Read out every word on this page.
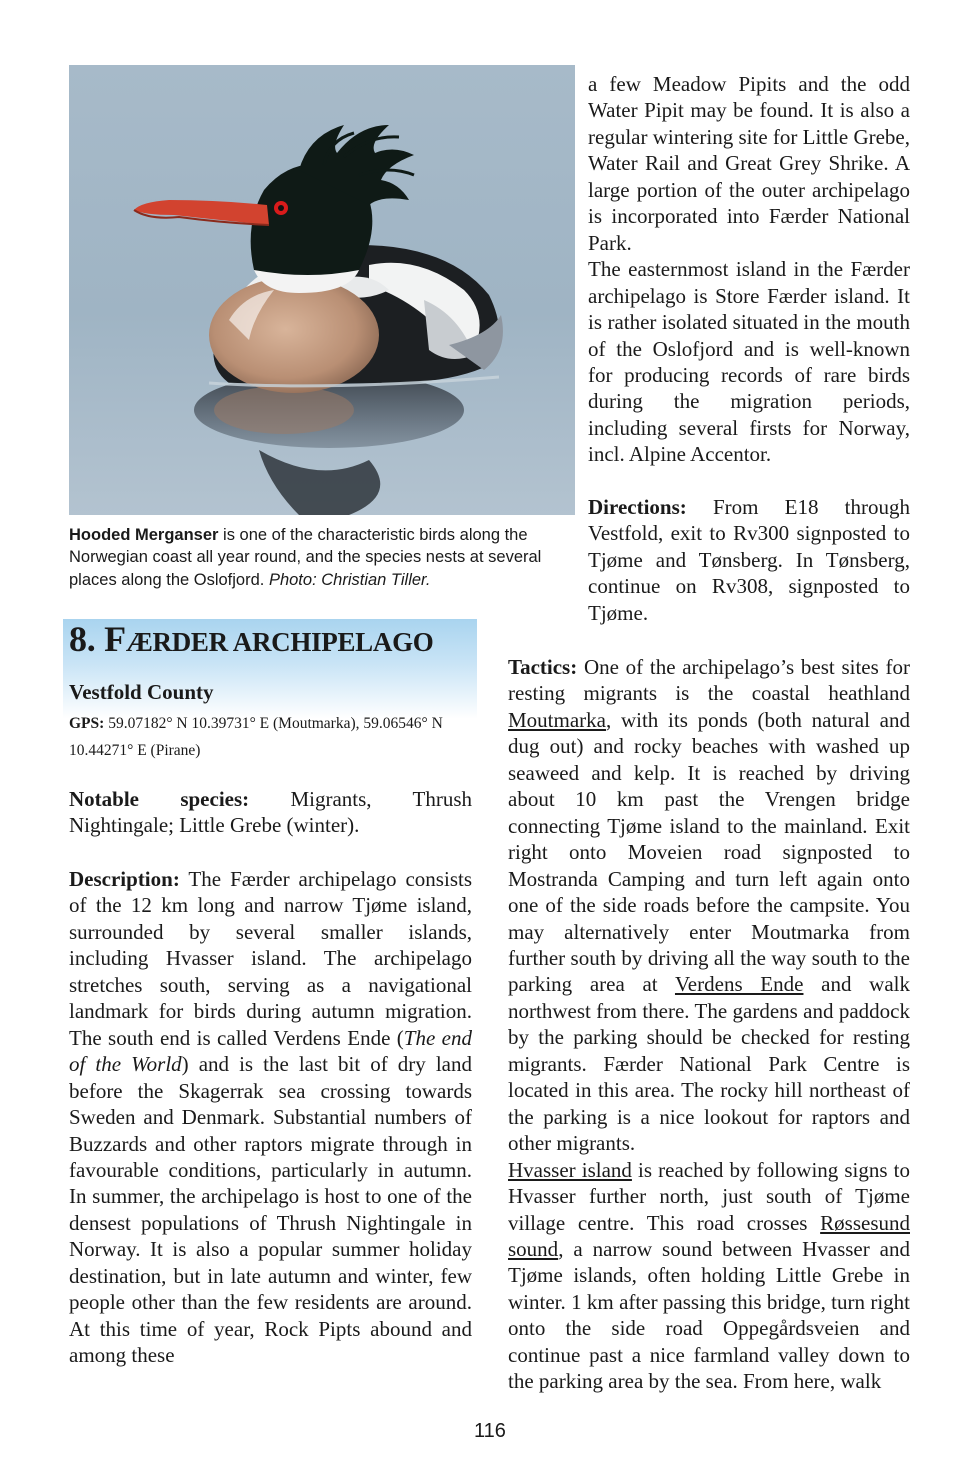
Hooded Merganser is one of the characteristic birds along the Norwegian coast all year round, and the species nests at several places along the Oslofjord. Photo: Christian Tiller.

a few Meadow Pipits and the odd Water Pipit may be found. It is also a regular wintering site for Little Grebe, Water Rail and Great Grey Shrike. A large portion of the outer archipelago is incorporated into Færder National Park.

The easternmost island in the Færder archipelago is Store Færder island. It is rather isolated situated in the mouth of the Oslofjord and is well-known for producing records of rare birds during the migration periods, including several firsts for Norway, incl. Alpine Accentor.

Directions: From E18 through Vestfold, exit to Rv300 signposted to Tjøme and Tønsberg. In Tønsberg, continue on Rv308, signposted to Tjøme.

8. FÆRDER ARCHIPELAGO
Vestfold County
GPS: 59.07182° N 10.39731° E (Moutmarka), 59.06546° N 10.44271° E (Pirane)

Notable species: Migrants, Thrush Nightingale; Little Grebe (winter).

Description: The Færder archipelago consists of the 12 km long and narrow Tjøme island, surrounded by several smaller islands, including Hvasser island. The archipelago stretches south, serving as a navigational landmark for birds during autumn migration. The south end is called Verdens Ende (The end of the World) and is the last bit of dry land before the Skagerrak sea crossing towards Sweden and Denmark. Substantial numbers of Buzzards and other raptors migrate through in favourable conditions, particularly in autumn. In summer, the archipelago is host to one of the densest populations of Thrush Nightingale in Norway. It is also a popular summer holiday destination, but in late autumn and winter, few people other than the few residents are around. At this time of year, Rock Pipts abound and among these

Tactics: One of the archipelago’s best sites for resting migrants is the coastal heathland Moutmarka, with its ponds (both natural and dug out) and rocky beaches with washed up seaweed and kelp. It is reached by driving about 10 km past the Vrengen bridge connecting Tjøme island to the mainland. Exit right onto Moveien road signposted to Mostranda Camping and turn left again onto one of the side roads before the campsite. You may alternatively enter Moutmarka from further south by driving all the way south to the parking area at Verdens Ende and walk northwest from there. The gardens and paddock by the parking should be checked for resting migrants. Færder National Park Centre is located in this area. The rocky hill northeast of the parking is a nice lookout for raptors and other migrants.

Hvasser island is reached by following signs to Hvasser further north, just south of Tjøme village centre. This road crosses Røssesund sound, a narrow sound between Hvasser and Tjøme islands, often holding Little Grebe in winter. 1 km after passing this bridge, turn right onto the side road Oppegårdsveien and continue past a nice farmland valley down to the parking area by the sea. From here, walk

116
